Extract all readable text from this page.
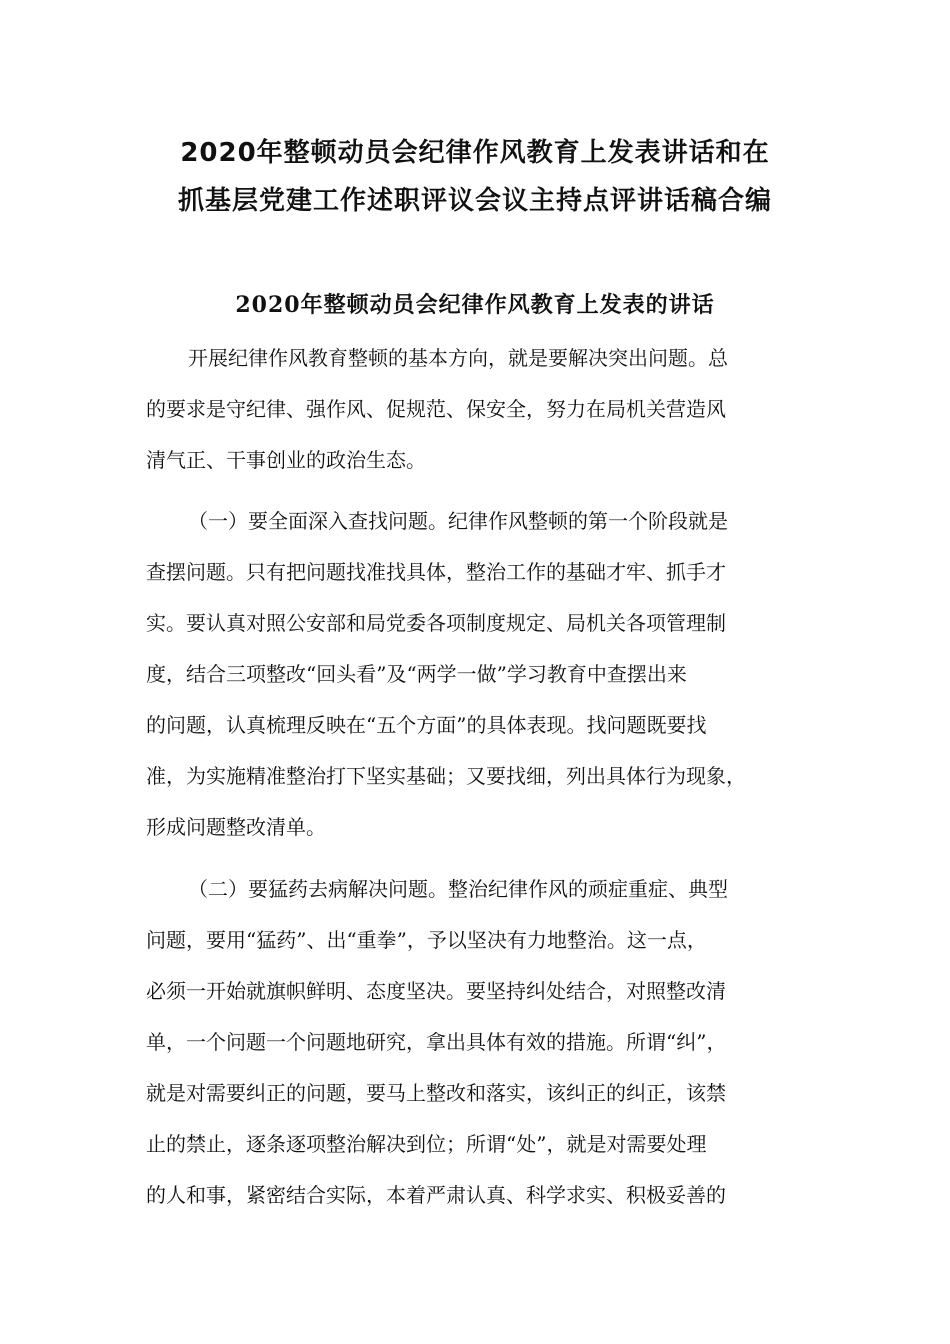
2020年整顿动员会纪律作风教育上发表讲话和在
抓基层党建工作述职评议会议主持点评讲话稿合编
2020年整顿动员会纪律作风教育上发表的讲话
开展纪律作风教育整顿的基本方向，就是要解决突出问题。总
的要求是守纪律、强作风、促规范、保安全，努力在局机关营造风
清气正、干事创业的政治生态。
（一）要全面深入查找问题。纪律作风整顿的第一个阶段就是
查摆问题。只有把问题找准找具体，整治工作的基础才牢、抓手才
实。要认真对照公安部和局党委各项制度规定、局机关各项管理制
度，结合三项整改“回头看”及“两学一做”学习教育中查摆出来
的问题，认真梳理反映在“五个方面”的具体表现。找问题既要找
准，为实施精准整治打下坚实基础；又要找细，列出具体行为现象，
形成问题整改清单。
（二）要猛药去病解决问题。整治纪律作风的顽症重症、典型
问题，要用“猛药”、出“重拳”，予以坚决有力地整治。这一点，
必须一开始就旗帜鲜明、态度坚决。要坚持纠处结合，对照整改清
单，一个问题一个问题地研究，拿出具体有效的措施。所谓“纠”，
就是对需要纠正的问题，要马上整改和落实，该纠正的纠正，该禁
止的禁止，逐条逐项整治解决到位；所谓“处”，就是对需要处理
的人和事，紧密结合实际，本着严肃认真、科学求实、积极妥善的
